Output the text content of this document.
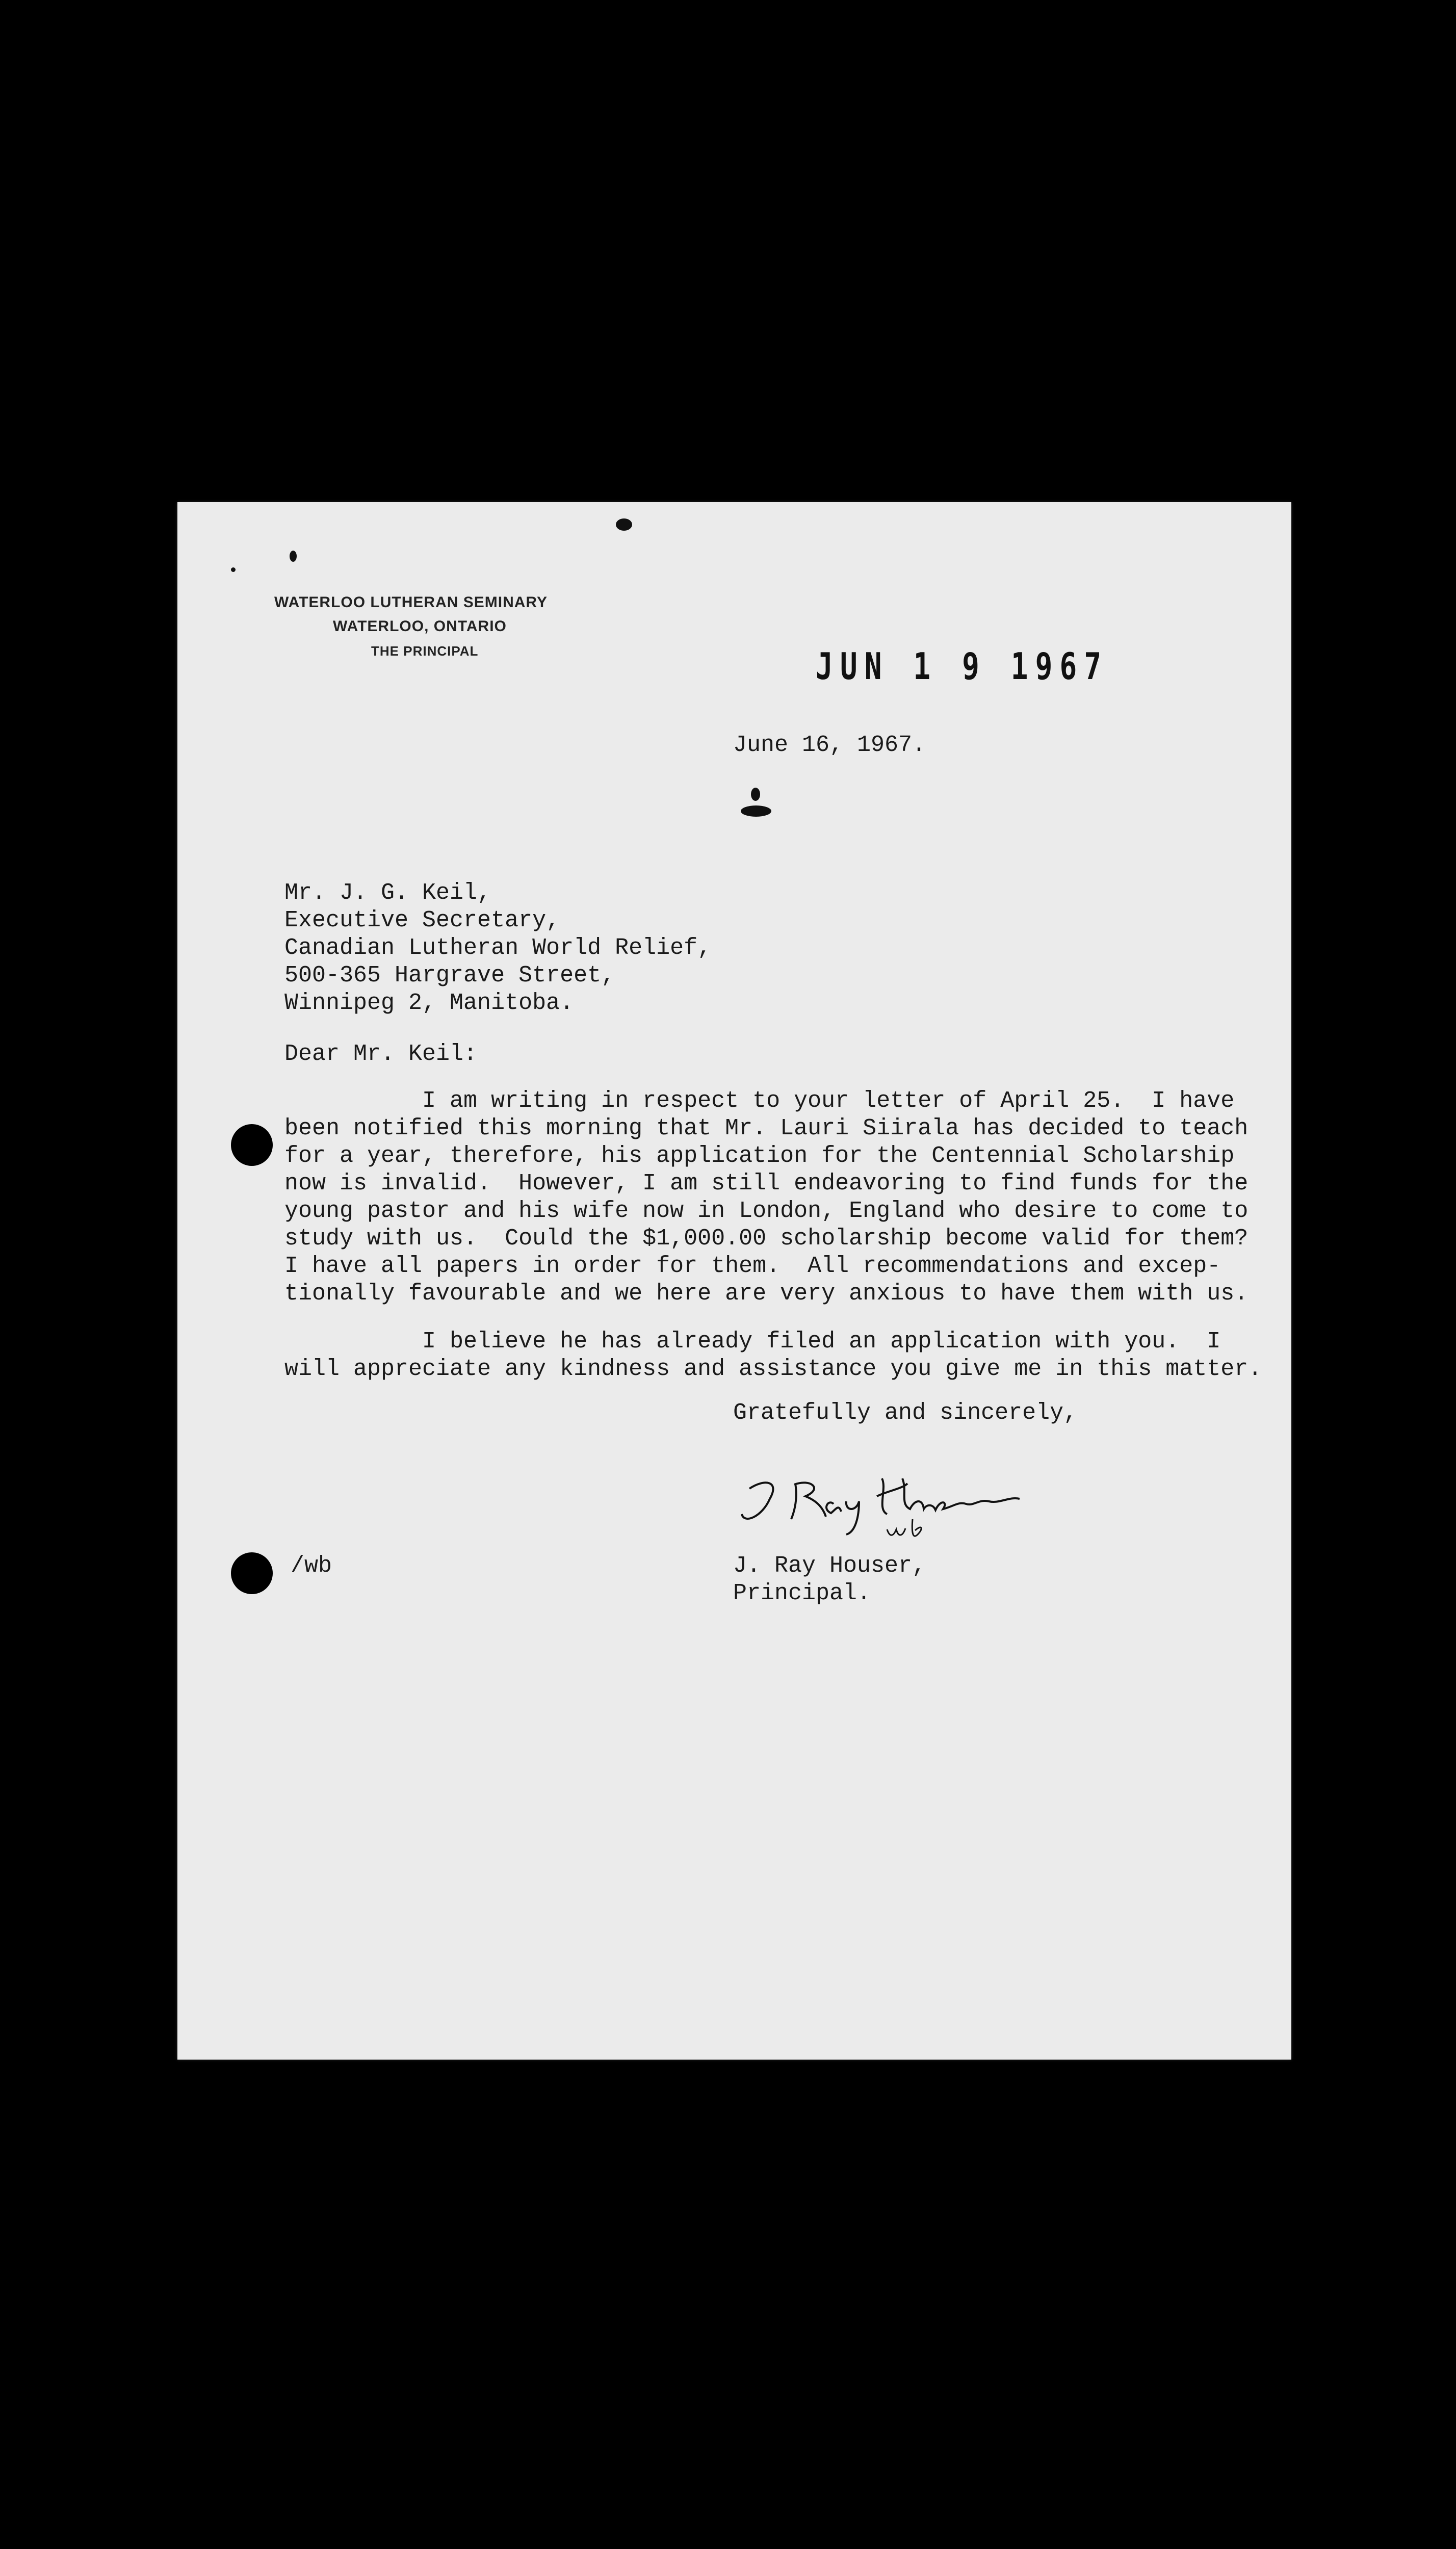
WATERLOO LUTHERAN SEMINARY
WATERLOO, ONTARIO
THE PRINCIPAL
June 16, 1967.
Mr. J. G. Keil,
Executive Secretary,
Canadian Lutheran World Relief,
500-365 Hargrave Street,
Winnipeg 2, Manitoba.
Dear Mr. Keil:
I am writing in respect to your letter of April 25.  I have
been notified this morning that Mr. Lauri Siirala has decided to teach
for a year, therefore, his application for the Centennial Scholarship
now is invalid.  However, I am still endeavoring to find funds for the
young pastor and his wife now in London, England who desire to come to
study with us.  Could the $1,000.00 scholarship become valid for them?
I have all papers in order for them.  All recommendations and excep-
tionally favourable and we here are very anxious to have them with us.
I believe he has already filed an application with you.  I
will appreciate any kindness and assistance you give me in this matter.
Gratefully and sincerely,
/wb	J. Ray Houser,
Principal.
JUN 1 9 1967
wb
